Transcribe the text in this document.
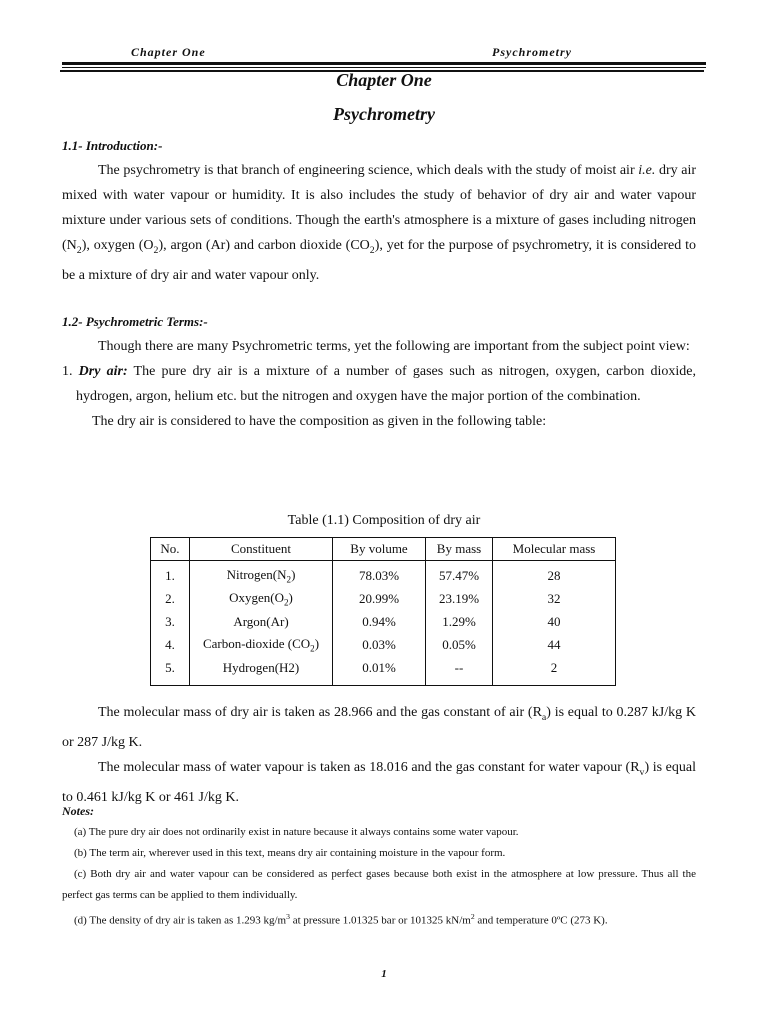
Chapter One	Psychrometry
Chapter One
Psychrometry
1.1- Introduction:-

The psychrometry is that branch of engineering science, which deals with the study of moist air i.e. dry air mixed with water vapour or humidity. It is also includes the study of behavior of dry air and water vapour mixture under various sets of conditions. Though the earth's atmosphere is a mixture of gases including nitrogen $(N_2)$, oxygen $(O_2)$, argon (Ar) and carbon dioxide $(CO_2)$, yet for the purpose of psychrometry, it is considered to be a mixture of dry air and water vapour only.

1.2- Psychrometric Terms:-

Though there are many Psychrometric terms, yet the following are important from the subject point view:

1. Dry air: The pure dry air is a mixture of a number of gases such as nitrogen, oxygen, carbon dioxide, hydrogen, argon, helium etc. but the nitrogen and oxygen have the major portion of the combination.

The dry air is considered to have the composition as given in the following table:

Table (1.1) Composition of dry air
No.	Constituent	By volume	By mass	Molecular mass
1.	$Nitrogen(N_2)$	78.03%	57.47%	28
2.	$Oxygen(O_2)$	20.99%	23.19%	32
3.	Argon(Ar)	0.94%	1.29%	40
4.	Carbon-dioxide $(CO_2)$	0.03%	0.05%	44
5.	Hydrogen(H2)	0.01%	--	2

The molecular mass of dry air is taken as 28.966 and the gas constant of air $(R_a)$ is equal to 0.287 kJ/kg K or 287 J/kg K.

The molecular mass of water vapour is taken as 18.016 and the gas constant for water vapour $(R_v)$ is equal to 0.461 kJ/kg K or 461 J/kg K.

Notes:

(a) The pure dry air does not ordinarily exist in nature because it always contains some water vapour.

(b) The term air, wherever used in this text, means dry air containing moisture in the vapour form.

(c) Both dry air and water vapour can be considered as perfect gases because both exist in the atmosphere at low pressure. Thus all the perfect gas terms can be applied to them individually.

(d) The density of dry air is taken as 1.293 $kg/m^3$ at pressure 1.01325 bar or 101325 $kN/m^2$ and temperature 0ºC (273 K).

1
